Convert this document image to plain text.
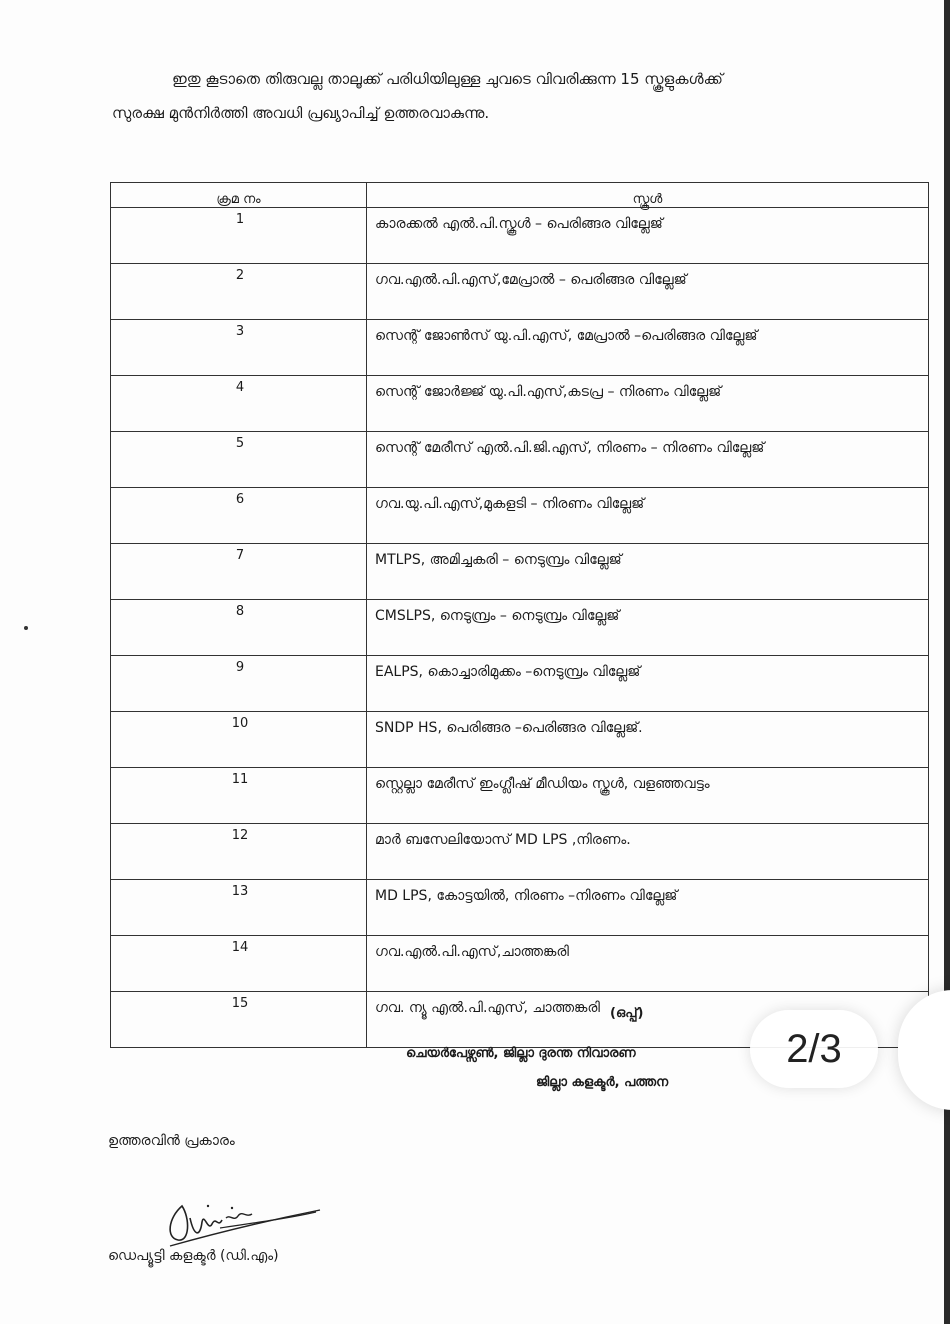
ഇതു കൂടാതെ തിരുവല്ല താലൂക്ക് പരിധിയിലുള്ള ചുവടെ വിവരിക്കുന്ന 15 സ്കൂളുകൾക്ക്
സുരക്ഷ മുൻനിർത്തി അവധി പ്രഖ്യാപിച്ച് ഉത്തരവാകുന്നു.
ക്രമ നം	സ്കൂൾ
1	കാരക്കൽ എൽ.പി.സ്കൂൾ – പെരിങ്ങര വില്ലേജ്
2	ഗവ.എൽ.പി.എസ്,മേപ്രാൽ – പെരിങ്ങര വില്ലേജ്
3	സെന്റ് ജോൺസ് യു.പി.എസ്, മേപ്രാൽ –പെരിങ്ങര വില്ലേജ്
4	സെന്റ് ജോർജ്ജ് യു.പി.എസ്,കടപ്ര – നിരണം വില്ലേജ്
5	സെന്റ് മേരീസ് എൽ.പി.ജി.എസ്, നിരണം – നിരണം വില്ലേജ്
6	ഗവ.യു.പി.എസ്,മുകളടി – നിരണം വില്ലേജ്
7	MTLPS, അമിച്ചകരി – നെടുമ്പ്രം വില്ലേജ്
8	CMSLPS, നെടുമ്പ്രം – നെടുമ്പ്രം വില്ലേജ്
9	EALPS, കൊച്ചാരിമുക്കം –നെടുമ്പ്രം വില്ലേജ്
10	SNDP HS, പെരിങ്ങര –പെരിങ്ങര വില്ലേജ്.
11	സ്റ്റെല്ലാ മേരീസ് ഇംഗ്ലീഷ് മീഡിയം സ്കൂൾ, വളഞ്ഞവട്ടം
12	മാർ ബസേലിയോസ് MD LPS ,നിരണം.
13	MD LPS, കോട്ടയിൽ, നിരണം –നിരണം വില്ലേജ്
14	ഗവ.എൽ.പി.എസ്,ചാത്തങ്കരി
15	ഗവ. ന്യൂ എൽ.പി.എസ്, ചാത്തങ്കരി (ഒപ്പ്)
ചെയർപേഴ്സൺ, ജില്ലാ ദുരന്ത നിവാരണ
ജില്ലാ കളക്ടർ, പത്തന
2/3
ഉത്തരവിൻ പ്രകാരം
ഡെപ്യൂട്ടി കളക്ടർ (ഡി.എം)
